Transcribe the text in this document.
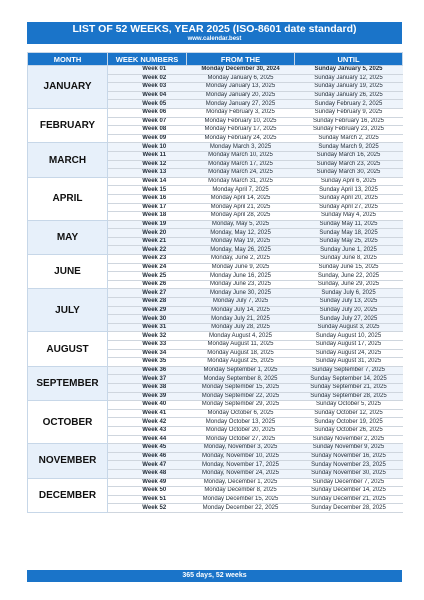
LIST OF 52 WEEKS, YEAR 2025 (ISO-8601 date standard)
www.calendar.best
MONTH	WEEK NUMBERS	FROM THE	UNTIL
JANUARY	Week 01	Monday December 30, 2024	Sunday January 5, 2025
	Week 02	Monday January 6, 2025	Sunday January 12, 2025
	Week 03	Monday January 13, 2025	Sunday January 19, 2025
	Week 04	Monday January 20, 2025	Sunday January 26, 2025
	Week 05	Monday January 27, 2025	Sunday February 2, 2025
FEBRUARY	Week 06	Monday February 3, 2025	Sunday February 9, 2025
	Week 07	Monday February 10, 2025	Sunday February 16, 2025
	Week 08	Monday February 17, 2025	Sunday February 23, 2025
	Week 09	Monday February 24, 2025	Sunday March 2, 2025
MARCH	Week 10	Monday March 3, 2025	Sunday March 9, 2025
	Week 11	Monday March 10, 2025	Sunday March 16, 2025
	Week 12	Monday March 17, 2025	Sunday March 23, 2025
	Week 13	Monday March 24, 2025	Sunday March 30, 2025
APRIL	Week 14	Monday March 31, 2025	Sunday April 6, 2025
	Week 15	Monday April 7, 2025	Sunday April 13, 2025
	Week 16	Monday April 14, 2025	Sunday April 20, 2025
	Week 17	Monday April 21, 2025	Sunday April 27, 2025
	Week 18	Monday April 28, 2025	Sunday May 4, 2025
MAY	Week 19	Monday, May 5, 2025	Sunday May 11, 2025
	Week 20	Monday, May 12, 2025	Sunday May 18, 2025
	Week 21	Monday May 19, 2025	Sunday May 25, 2025
	Week 22	Monday, May 26, 2025	Sunday June 1, 2025
JUNE	Week 23	Monday, June 2, 2025	Sunday June 8, 2025
	Week 24	Monday June 9, 2025	Sunday June 15, 2025
	Week 25	Monday June 16, 2025	Sunday, June 22, 2025
	Week 26	Monday June 23, 2025	Sunday, June 29, 2025
JULY	Week 27	Monday June 30, 2025	Sunday July 6, 2025
	Week 28	Monday July 7, 2025	Sunday July 13, 2025
	Week 29	Monday July 14, 2025	Sunday July 20, 2025
	Week 30	Monday July 21, 2025	Sunday July 27, 2025
	Week 31	Monday July 28, 2025	Sunday August 3, 2025
AUGUST	Week 32	Monday August 4, 2025	Sunday August 10, 2025
	Week 33	Monday August 11, 2025	Sunday August 17, 2025
	Week 34	Monday August 18, 2025	Sunday August 24, 2025
	Week 35	Monday August 25, 2025	Sunday August 31, 2025
SEPTEMBER	Week 36	Monday September 1, 2025	Sunday September 7, 2025
	Week 37	Monday September 8, 2025	Sunday September 14, 2025
	Week 38	Monday September 15, 2025	Sunday September 21, 2025
	Week 39	Monday September 22, 2025	Sunday September 28, 2025
OCTOBER	Week 40	Monday September 29, 2025	Sunday October 5, 2025
	Week 41	Monday October 6, 2025	Sunday October 12, 2025
	Week 42	Monday October 13, 2025	Sunday October 19, 2025
	Week 43	Monday October 20, 2025	Sunday October 26, 2025
	Week 44	Monday October 27, 2025	Sunday November 2, 2025
NOVEMBER	Week 45	Monday, November 3, 2025	Sunday November 9, 2025
	Week 46	Monday, November 10, 2025	Sunday November 16, 2025
	Week 47	Monday, November 17, 2025	Sunday November 23, 2025
	Week 48	Monday, November 24, 2025	Sunday November 30, 2025
DECEMBER	Week 49	Monday, December 1, 2025	Sunday December 7, 2025
	Week 50	Monday December 8, 2025	Sunday December 14, 2025
	Week 51	Monday December 15, 2025	Sunday December 21, 2025
	Week 52	Monday December 22, 2025	Sunday December 28, 2025
365 days, 52 weeks
